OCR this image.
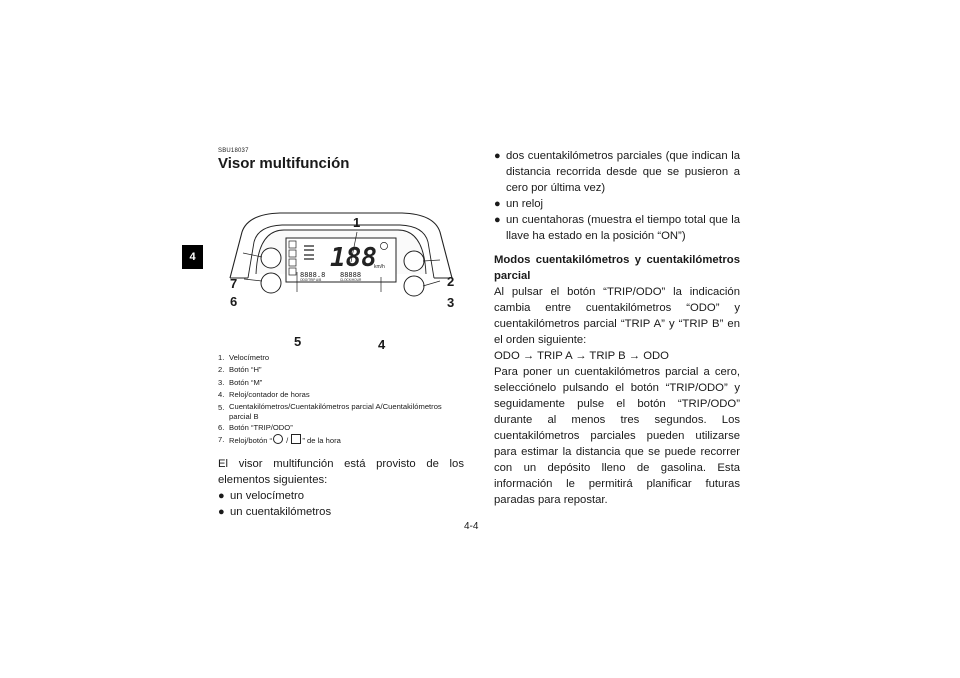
4
SBU18037
Visor multifunción
188
km/h
8888.8 88888
ODO/TRIP A/B	CLOCK/HOUR
1
2
3
4
5
6
7
1. Velocímetro
2. Botón “H”
3. Botón “M”
4. Reloj/contador de horas
5. Cuentakilómetros/Cuentakilómetros parcial A/Cuentakilómetros parcial B
6. Botón “TRIP/ODO”
7. Reloj/botón “ / ” de la hora
El visor multifunción está provisto de los elementos siguientes:
● un velocímetro
● un cuentakilómetros
● dos cuentakilómetros parciales (que indican la distancia recorrida desde que se pusieron a cero por última vez)
● un reloj
● un cuentahoras (muestra el tiempo total que la llave ha estado en la posición “ON”)
Modos cuentakilómetros y cuentakilómetros parcial
Al pulsar el botón “TRIP/ODO” la indicación cambia entre cuentakilómetros “ODO” y cuentakilómetros parcial “TRIP A” y “TRIP B” en el orden siguiente:
ODO → TRIP A → TRIP B → ODO
Para poner un cuentakilómetros parcial a cero, selecciónelo pulsando el botón “TRIP/ODO” y seguidamente pulse el botón “TRIP/ODO” durante al menos tres segundos. Los cuentakilómetros parciales pueden utilizarse para estimar la distancia que se puede recorrer con un depósito lleno de gasolina. Esta información le permitirá planificar futuras paradas para repostar.
4-4
